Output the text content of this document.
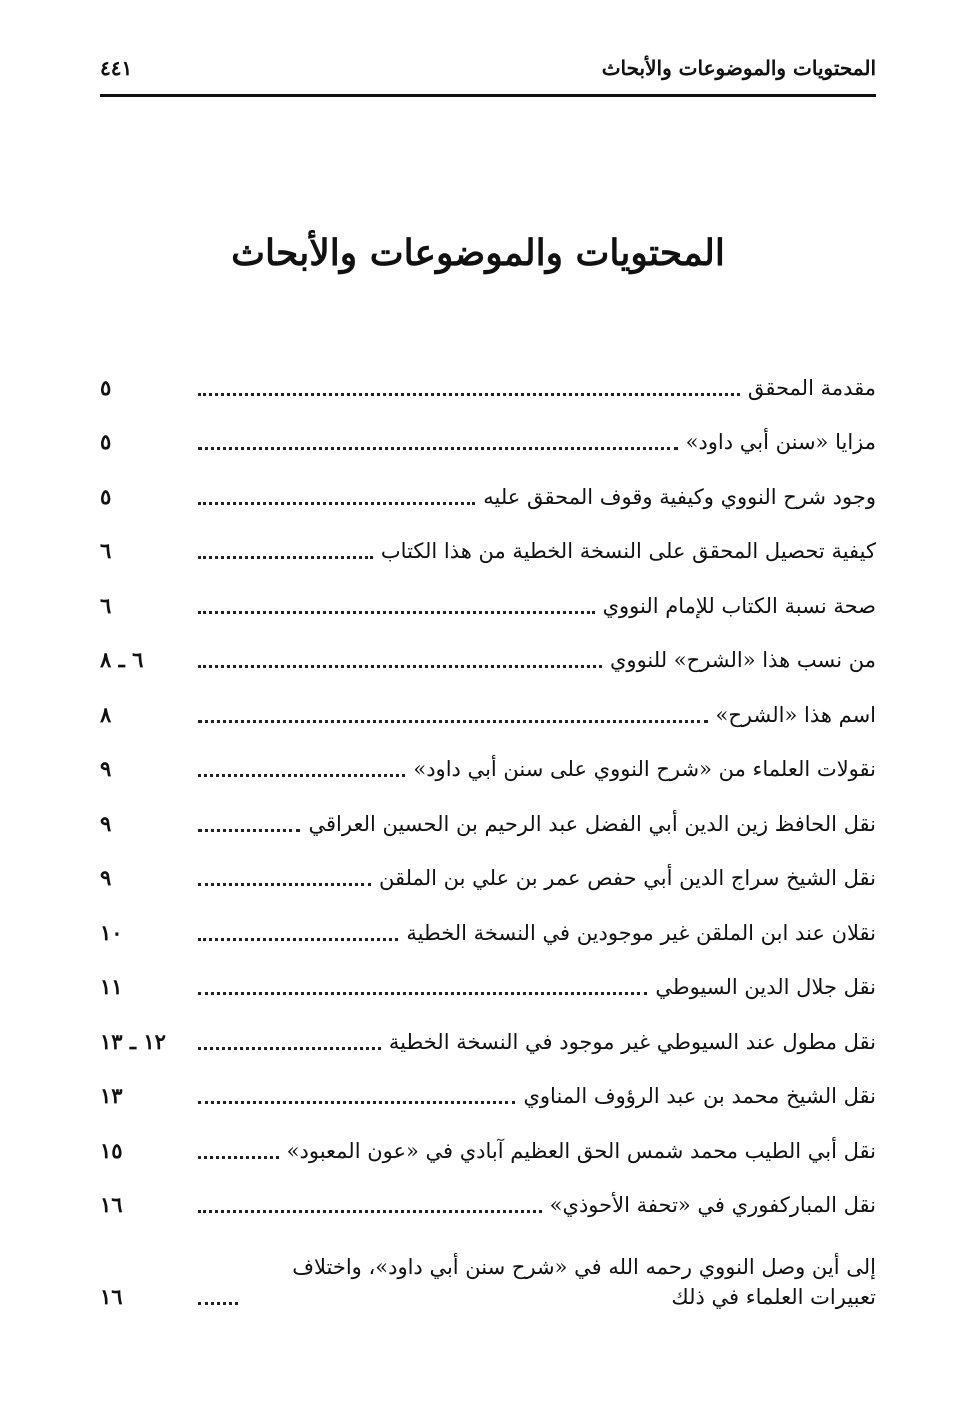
المحتويات والموضوعات والأبحاث
٤٤١
المحتويات والموضوعات والأبحاث
مقدمة المحقق
٥
مزايا «سنن أبي داود»
٥
وجود شرح النووي وكيفية وقوف المحقق عليه
٥
كيفية تحصيل المحقق على النسخة الخطية من هذا الكتاب
٦
صحة نسبة الكتاب للإمام النووي
٦
من نسب هذا «الشرح» للنووي
٦ ـ ٨
اسم هذا «الشرح»
٨
نقولات العلماء من «شرح النووي على سنن أبي داود»
٩
نقل الحافظ زين الدين أبي الفضل عبد الرحيم بن الحسين العراقي
٩
نقل الشيخ سراج الدين أبي حفص عمر بن علي بن الملقن
٩
نقلان عند ابن الملقن غير موجودين في النسخة الخطية
١٠
نقل جلال الدين السيوطي
١١
نقل مطول عند السيوطي غير موجود في النسخة الخطية
١٢ ـ ١٣
نقل الشيخ محمد بن عبد الرؤوف المناوي
١٣
نقل أبي الطيب محمد شمس الحق العظيم آبادي في «عون المعبود»
١٥
نقل المباركفوري في «تحفة الأحوذي»
١٦
إلى أين وصل النووي رحمه الله في «شرح سنن أبي داود»، واختلاف تعبيرات العلماء في ذلك
١٦
